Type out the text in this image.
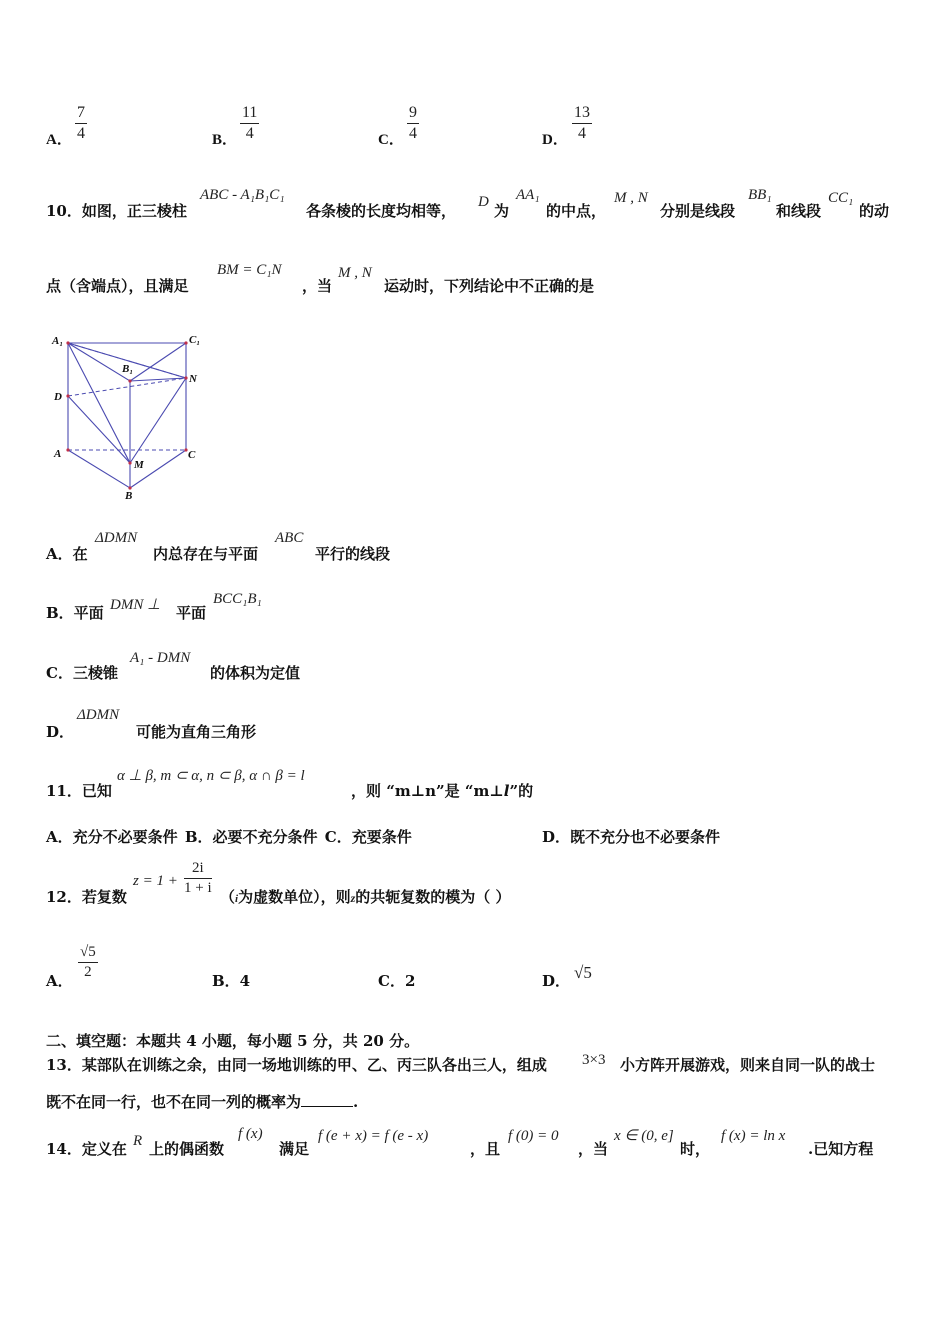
A．
7
4	B．
11
4	C．
9
4	D．
13
4
10．如图，正三棱柱
ABC - A₁B₁C₁
各条棱的长度均相等， D 为
AA₁
的中点，
M , N
分别是线段
BB₁
和线段
CC₁
的动
点（含端点），且满足
BM = C₁N
，当
M , N
运动时，下列结论中不正确的是
A₁	C₁
B₁
N
D
A
M
C
B
A．在
ΔDMN
内总存在与平面
ABC
平行的线段
B．平面 DMN ⊥ 平面
BCC₁B₁
C．三棱锥
A₁ - DMN
的体积为定值
D．
ΔDMN
可能为直角三角形
11．已知
α ⊥ β, m ⊂ α, n ⊂ β, α ∩ β = l
，则 “m⊥n”是 “m⊥l”的
A．充分不必要条件 B．必要不充分条件 C．充要条件	D．既不充分也不必要条件
12．若复数
z = 1 +
2i
1 + i （i为虚数单位），则z的共轭复数的模为（ ）
A．
√5
2	B．4	C．2	D． √5
二、填空题：本题共 4 小题，每小题 5 分，共 20 分。
13．某部队在训练之余，由同一场地训练的甲、乙、丙三队各出三人，组成 3×3 小方阵开展游戏，则来自同一队的战士
既不在同一行，也不在同一列的概率为	.
14．定义在 R 上的偶函数
f (x)
满足
f (e + x) = f (e - x)
，且
f (0) = 0
，当
x ∈ (0, e]
时，
f (x) = ln x
.已知方程
